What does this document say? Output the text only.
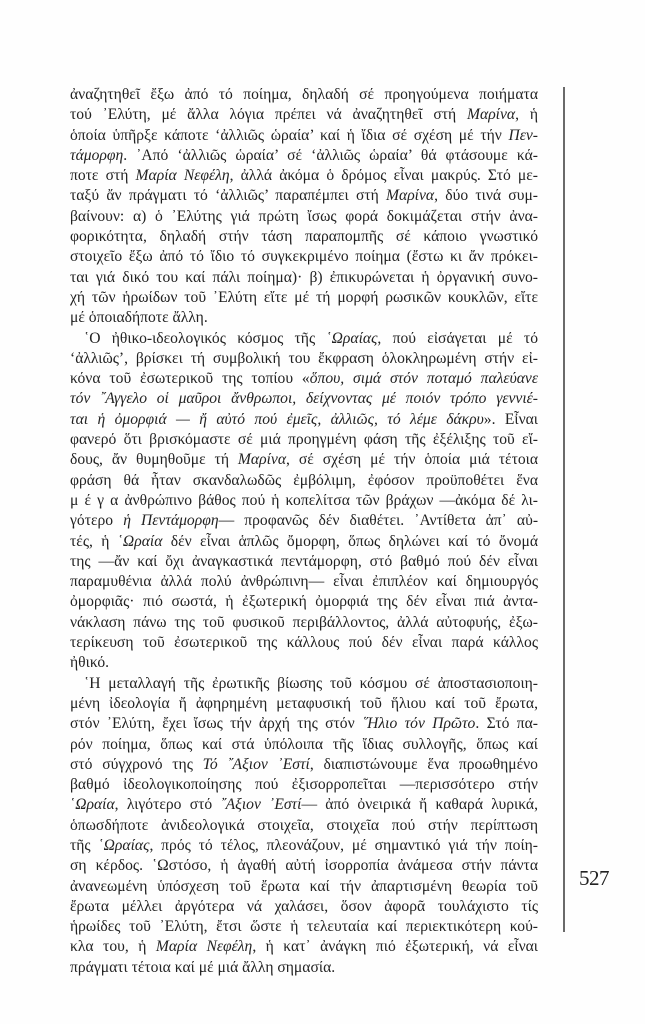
ἀναζητηθεῖ ἔξω ἀπό τό ποίημα, δηλαδή σέ προηγούμενα ποιήματα
τού ᾿Ελύτη, μέ ἄλλα λόγια πρέπει νά ἀναζητηθεῖ στή Μαρίνα, ἡ
ὁποία ὑπῆρξε κάποτε ‘ἀλλιῶς ὡραία’ καί ἡ ἴδια σέ σχέση μέ τήν Πεν-
τάμορφη. ᾿Από ‘ἀλλιῶς ὡραία’ σέ ‘ἀλλιῶς ὡραία’ θά φτάσουμε κά-
ποτε στή Μαρία Νεφέλη, ἀλλά ἀκόμα ὁ δρόμος εἶναι μακρύς. Στό με-
ταξύ ἄν πράγματι τό ‘ἀλλιῶς’ παραπέμπει στή Μαρίνα, δύο τινά συμ-
βαίνουν: α) ὁ ᾿Ελύτης γιά πρώτη ἴσως φορά δοκιμάζεται στήν ἀνα-
φορικότητα, δηλαδή στήν τάση παραπομπῆς σέ κάποιο γνωστικό
στοιχεῖο ἔξω ἀπό τό ἴδιο τό συγκεκριμένο ποίημα (ἔστω κι ἄν πρόκει-
ται γιά δικό του καί πάλι ποίημα)· β) ἐπικυρώνεται ἡ ὀργανική συνο-
χή τῶν ἡρωίδων τοῦ ᾿Ελύτη εἴτε μέ τή μορφή ρωσικῶν κουκλῶν, εἴτε
μέ ὁποιαδήποτε ἄλλη.
῾Ο ἠθικο-ιδεολογικός κόσμος τῆς ῾Ωραίας, πού εἰσάγεται μέ τό
‘ἀλλιῶς’, βρίσκει τή συμβολική του ἔκφραση ὁλοκληρωμένη στήν εἰ-
κόνα τοῦ ἐσωτερικοῦ της τοπίου «ὅπου, σιμά στόν ποταμό παλεύανε
τόν ῎Αγγελο οἱ μαῦροι ἄνθρωποι, δείχνοντας μέ ποιόν τρόπο γεννιέ-
ται ἡ ὀμορφιά — ἤ αὐτό πού ἐμεῖς, ἀλλιῶς, τό λέμε δάκρυ». Εἶναι
φανερό ὅτι βρισκόμαστε σέ μιά προηγμένη φάση τῆς ἐξέλιξης τοῦ εἴ-
δους, ἄν θυμηθοῦμε τή Μαρίνα, σέ σχέση μέ τήν ὁποία μιά τέτοια
φράση θά ἦταν σκανδαλωδῶς ἐμβόλιμη, ἐφόσον προϋποθέτει ἕνα
μ έ γ α ἀνθρώπινο βάθος πού ἡ κοπελίτσα τῶν βράχων —ἀκόμα δέ λι-
γότερο ἡ Πεντάμορφη— προφανῶς δέν διαθέτει. ᾿Αντίθετα ἀπ᾿ αὐ-
τές, ἡ ῾Ωραία δέν εἶναι ἁπλῶς ὄμορφη, ὅπως δηλώνει καί τό ὄνομά
της —ἄν καί ὄχι ἀναγκαστικά πεντάμορφη, στό βαθμό πού δέν εἶναι
παραμυθένια ἀλλά πολύ ἀνθρώπινη— εἶναι ἐπιπλέον καί δημιουργός
ὀμορφιᾶς· πιό σωστά, ἡ ἐξωτερική ὀμορφιά της δέν εἶναι πιά ἀντα-
νάκλαση πάνω της τοῦ φυσικοῦ περιβάλλοντος, ἀλλά αὐτοφυής, ἐξω-
τερίκευση τοῦ ἐσωτερικοῦ της κάλλους πού δέν εἶναι παρά κάλλος
ἠθικό.
῾Η μεταλλαγή τῆς ἐρωτικῆς βίωσης τοῦ κόσμου σέ ἀποστασιοποιη-
μένη ἰδεολογία ἤ ἀφηρημένη μεταφυσική τοῦ ἥλιου καί τοῦ ἔρωτα,
στόν ᾿Ελύτη, ἔχει ἴσως τήν ἀρχή της στόν ῞Ηλιο τόν Πρῶτο. Στό πα-
ρόν ποίημα, ὅπως καί στά ὑπόλοιπα τῆς ἴδιας συλλογῆς, ὅπως καί
στό σύγχρονό της Τό ῎Αξιον ᾿Εστί, διαπιστώνουμε ἕνα προωθημένο
βαθμό ἰδεολογικοποίησης πού ἐξισορροπεῖται —περισσότερο στήν
῾Ωραία, λιγότερο στό ῎Αξιον ᾿Εστί— ἀπό ὀνειρικά ἤ καθαρά λυρικά,
ὁπωσδήποτε ἀνιδεολογικά στοιχεῖα, στοιχεῖα πού στήν περίπτωση
τῆς ῾Ωραίας, πρός τό τέλος, πλεονάζουν, μέ σημαντικό γιά τήν ποίη-
ση κέρδος. ῾Ωστόσο, ἡ ἀγαθή αὐτή ἰσορροπία ἀνάμεσα στήν πάντα
ἀνανεωμένη ὑπόσχεση τοῦ ἔρωτα καί τήν ἀπαρτισμένη θεωρία τοῦ
ἔρωτα μέλλει ἀργότερα νά χαλάσει, ὅσον ἀφορᾶ τουλάχιστο τίς
ἡρωίδες τοῦ ᾿Ελύτη, ἔτσι ὥστε ἡ τελευταία καί περιεκτικότερη κού-
κλα του, ἡ Μαρία Νεφέλη, ἡ κατ᾿ ἀνάγκη πιό ἐξωτερική, νά εἶναι
πράγματι τέτοια καί μέ μιά ἄλλη σημασία.
527
